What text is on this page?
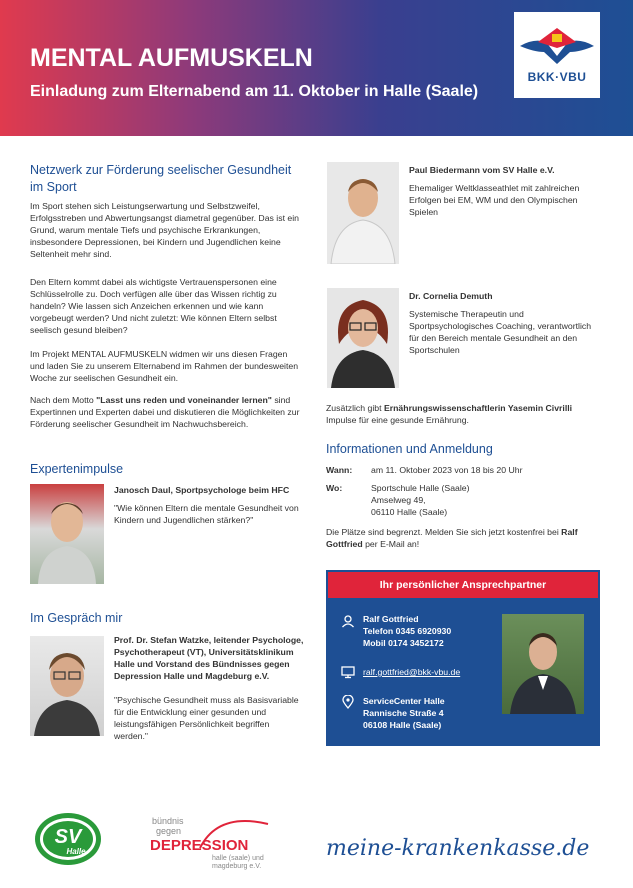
MENTAL AUFMUSKELN
Einladung zum Elternabend am 11. Oktober in Halle (Saale)
BKK·VBU
Netzwerk zur Förderung seelischer Gesundheit
im Sport

Im Sport stehen sich Leistungserwartung und Selbstzweifel, Erfolgsstreben und Abwertungsangst diametral gegenüber. Das ist ein Grund, warum mentale Tiefs und psychische Erkrankungen, insbesondere Depressionen, bei Kindern und Jugendlichen keine Seltenheit mehr sind.

Den Eltern kommt dabei als wichtigste Vertrauenspersonen eine Schlüsselrolle zu. Doch verfügen alle über das Wissen richtig zu handeln? Wie lassen sich Anzeichen erkennen und wie kann vorgebeugt werden? Und nicht zuletzt: Wie können Eltern selbst seelisch gesund bleiben?

Im Projekt MENTAL AUFMUSKELN widmen wir uns diesen Fragen und laden Sie zu unserem Elternabend im Rahmen der bundesweiten Woche zur seelischen Gesundheit ein.

Nach dem Motto "Lasst uns reden und voneinander lernen" sind Expertinnen und Experten dabei und diskutieren die Möglichkeiten zur Förderung seelischer Gesundheit im Nachwuchsbereich.

Expertenimpulse
Janosch Daul, Sportpsychologe beim HFC

"Wie können Eltern die mentale Gesundheit von Kindern und Jugendlichen stärken?"

Im Gespräch mir
Prof. Dr. Stefan Watzke, leitender Psychologe, Psychotherapeut (VT), Universitätsklinikum Halle und Vorstand des Bündnisses gegen Depression Halle und Magdeburg e.V.

"Psychische Gesundheit muss als Basisvariable für die Entwicklung einer gesunden und leistungsfähigen Persönlichkeit begriffen werden."

Paul Biedermann vom SV Halle e.V.

Ehemaliger Weltklasseathlet mit zahlreichen Erfolgen bei EM, WM und den Olympischen Spielen

Dr. Cornelia Demuth

Systemische Therapeutin und Sportpsychologisches Coaching, verantwortlich für den Bereich mentale Gesundheit an den Sportschulen

Zusätzlich gibt Ernährungswissenschaftlerin Yasemin Civrilli Impulse für eine gesunde Ernährung.

Informationen und Anmeldung
Wann: am 11. Oktober 2023 von 18 bis 20 Uhr
Wo:	Sportschule Halle (Saale)
Amselweg 49,
06110 Halle (Saale)

Die Plätze sind begrenzt. Melden Sie sich jetzt kostenfrei bei Ralf Gottfried per E-Mail an!

Ihr persönlicher Ansprechpartner
Ralf Gottfried
Telefon 0345 6920930
Mobil 0174 3452172
ralf.gottfried@bkk-vbu.de
ServiceCenter Halle
Rannische Straße 4
06108 Halle (Saale)
SV
Halle
bündnis
gegen
DEPRESSION
halle (saale) und
magdeburg e.V.
meine-krankenkasse.de
